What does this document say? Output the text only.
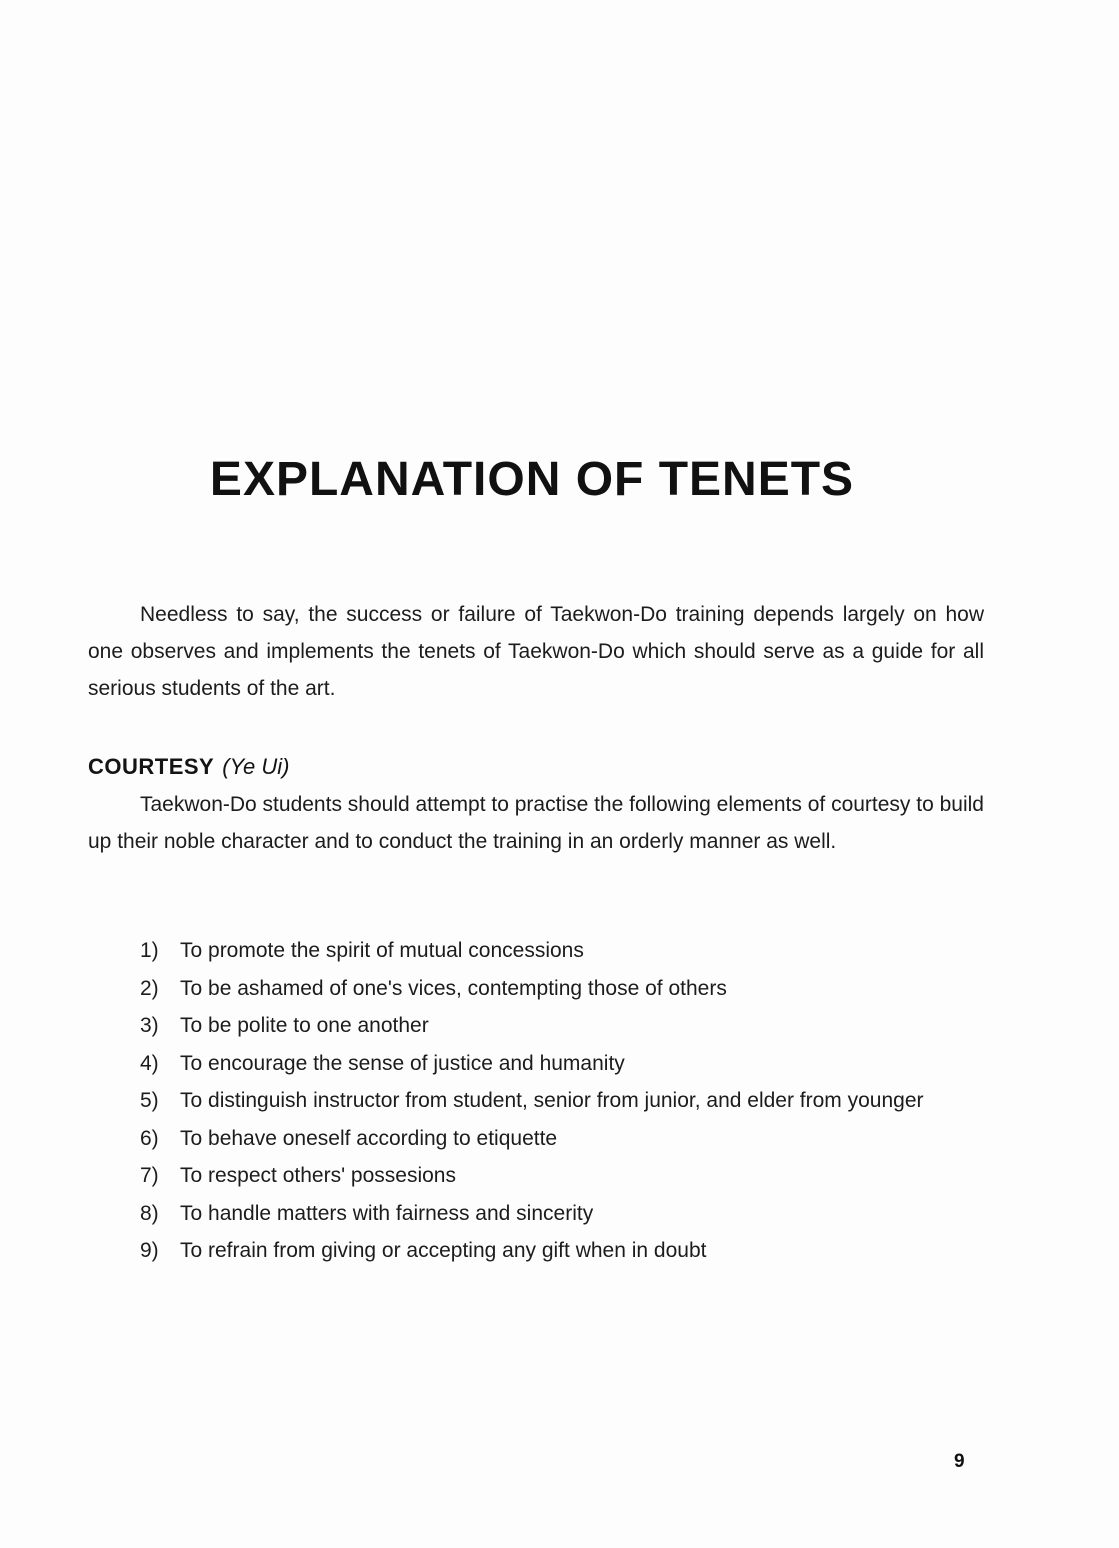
EXPLANATION OF TENETS

Needless to say, the success or failure of Taekwon-Do training depends largely on how one observes and implements the tenets of Taekwon-Do which should serve as a guide for all serious students of the art.

COURTESY (Ye Ui)

Taekwon-Do students should attempt to practise the following elements of courtesy to build up their noble character and to conduct the training in an orderly manner as well.

1)	To promote the spirit of mutual concessions
2)	To be ashamed of one's vices, contempting those of others
3)	To be polite to one another
4)	To encourage the sense of justice and humanity
5)	To distinguish instructor from student, senior from junior, and elder from younger
6)	To behave oneself according to etiquette
7)	To respect others' possesions
8)	To handle matters with fairness and sincerity
9)	To refrain from giving or accepting any gift when in doubt

9
